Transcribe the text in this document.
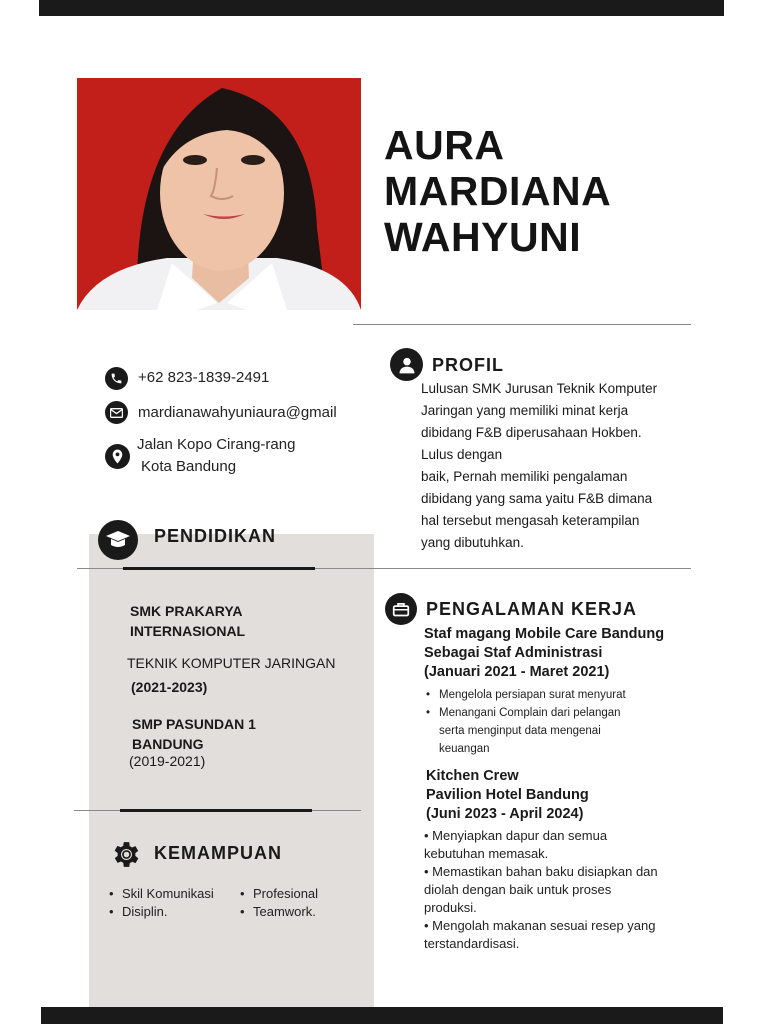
AURA
MARDIANA
WAHYUNI
+62 823-1839-2491
mardianawahyuniaura@gmail
Jalan Kopo Cirang-rang
Kota Bandung
PROFIL
Lulusan SMK Jurusan Teknik Komputer
Jaringan yang memiliki minat kerja
dibidang F&B diperusahaan Hokben.
Lulus dengan
baik, Pernah memiliki pengalaman
dibidang yang sama yaitu F&B dimana
hal tersebut mengasah keterampilan
yang dibutuhkan.
PENDIDIKAN
SMK PRAKARYA
INTERNASIONAL
TEKNIK KOMPUTER JARINGAN
(2021-2023)
SMP PASUNDAN 1
BANDUNG
(2019-2021)
KEMAMPUAN
• Skil Komunikasi
• Disiplin.
• Profesional
• Teamwork.
PENGALAMAN KERJA
Staf magang Mobile Care Bandung
Sebagai Staf Administrasi
(Januari 2021 - Maret 2021)
• Mengelola persiapan surat menyurat
• Menangani Complain dari pelangan
serta menginput data mengenai
keuangan
Kitchen Crew
Pavilion Hotel Bandung
(Juni 2023 - April 2024)
• Menyiapkan dapur dan semua
kebutuhan memasak.
• Memastikan bahan baku disiapkan dan
diolah dengan baik untuk proses
produksi.
• Mengolah makanan sesuai resep yang
terstandardisasi.
